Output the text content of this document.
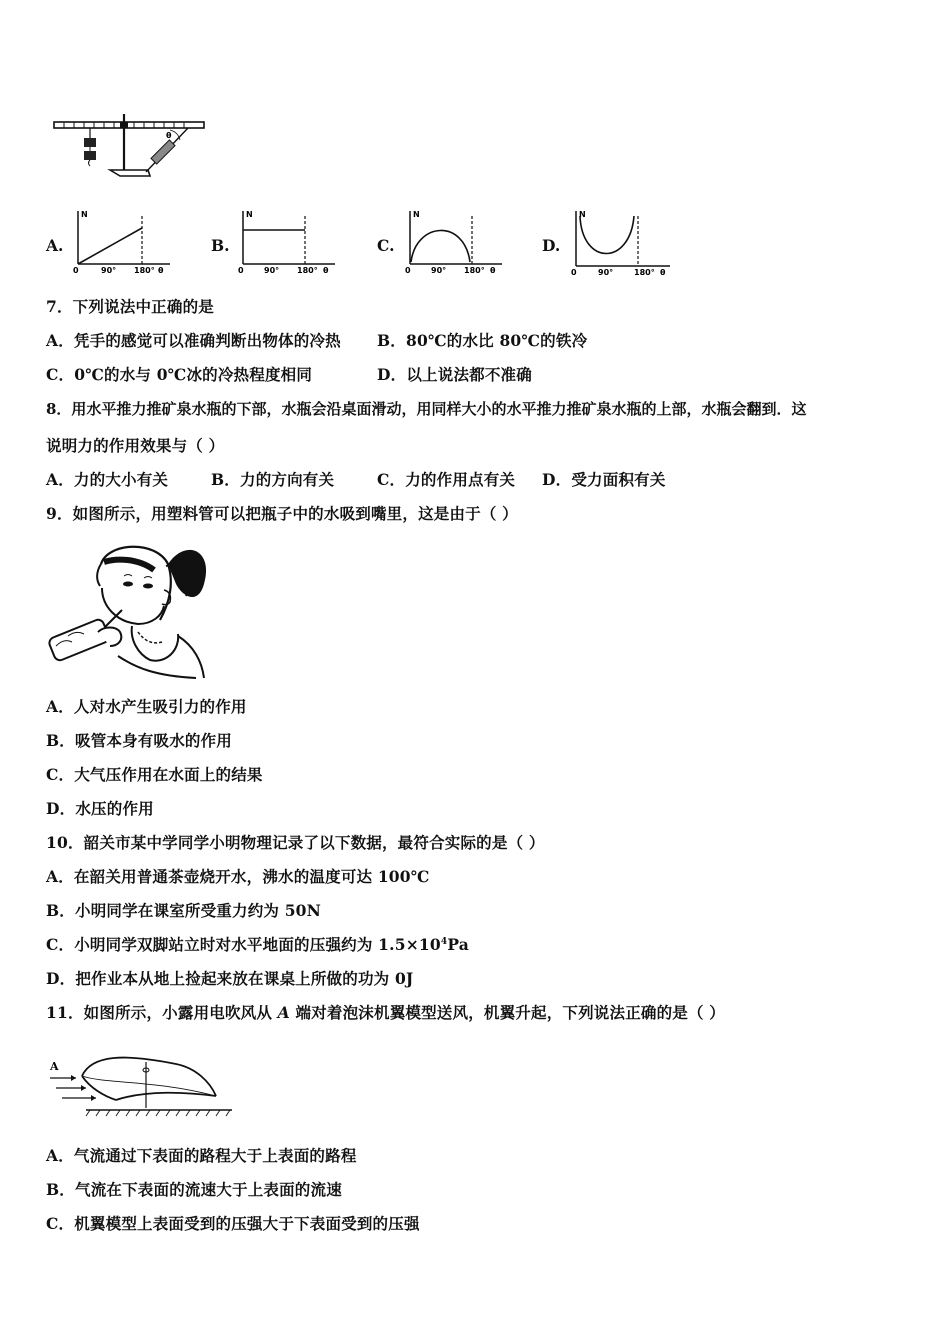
θ
A.
N
0	90° 180° θ
B.
N
0	90° 180° θ
C.
N
0	90° 180° θ
D.
N
0	90°	180° θ
7．下列说法中正确的是
A．凭手的感觉可以准确判断出物体的冷热 B．80℃的水比 80℃的铁冷
C．0℃的水与 0℃冰的冷热程度相同	D．以上说法都不准确
8．用水平推力推矿泉水瓶的下部，水瓶会沿桌面滑动，用同样大小的水平推力推矿泉水瓶的上部，水瓶会翻到．这
说明力的作用效果与（ ）
A．力的大小有关	B．力的方向有关	C．力的作用点有关 D．受力面积有关
9．如图所示，用塑料管可以把瓶子中的水吸到嘴里，这是由于（ ）
A．人对水产生吸引力的作用
B．吸管本身有吸水的作用
C．大气压作用在水面上的结果
D．水压的作用
10．韶关市某中学同学小明物理记录了以下数据，最符合实际的是（ ）
A．在韶关用普通茶壶烧开水，沸水的温度可达 100℃
B．小明同学在课室所受重力约为 50N
C．小明同学双脚站立时对水平地面的压强约为 $1.5\times 10^4Pa$
D．把作业本从地上捡起来放在课桌上所做的功为 0J
11．如图所示，小露用电吹风从 A 端对着泡沫机翼模型送风，机翼升起，下列说法正确的是（ ）
A
A．气流通过下表面的路程大于上表面的路程
B．气流在下表面的流速大于上表面的流速
C．机翼模型上表面受到的压强大于下表面受到的压强
